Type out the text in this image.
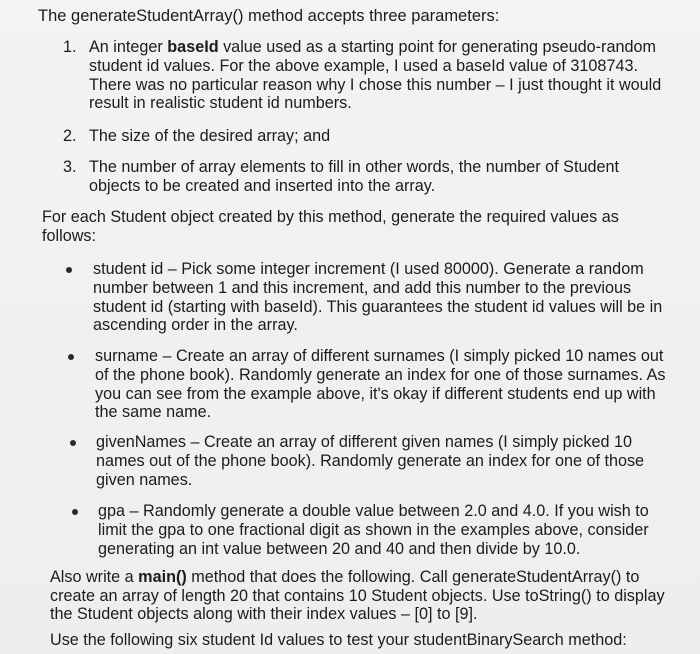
The generateStudentArray() method accepts three parameters:

1. An integer baseId value used as a starting point for generating pseudo-random

student id values. For the above example, I used a baseId value of 3108743.

There was no particular reason why I chose this number – I just thought it would

result in realistic student id numbers.

2. The size of the desired array; and

3. The number of array elements to fill in other words, the number of Student

objects to be created and inserted into the array.

For each Student object created by this method, generate the required values as

follows:

student id – Pick some integer increment (I used 80000). Generate a random

number between 1 and this increment, and add this number to the previous

student id (starting with baseId). This guarantees the student id values will be in

ascending order in the array.

surname – Create an array of different surnames (I simply picked 10 names out

of the phone book). Randomly generate an index for one of those surnames. As

you can see from the example above, it's okay if different students end up with

the same name.

givenNames – Create an array of different given names (I simply picked 10

names out of the phone book). Randomly generate an index for one of those

given names.

gpa – Randomly generate a double value between 2.0 and 4.0. If you wish to

limit the gpa to one fractional digit as shown in the examples above, consider

generating an int value between 20 and 40 and then divide by 10.0.

Also write a main() method that does the following. Call generateStudentArray() to

create an array of length 20 that contains 10 Student objects. Use toString() to display

the Student objects along with their index values – [0] to [9].

Use the following six student Id values to test your studentBinarySearch method:
